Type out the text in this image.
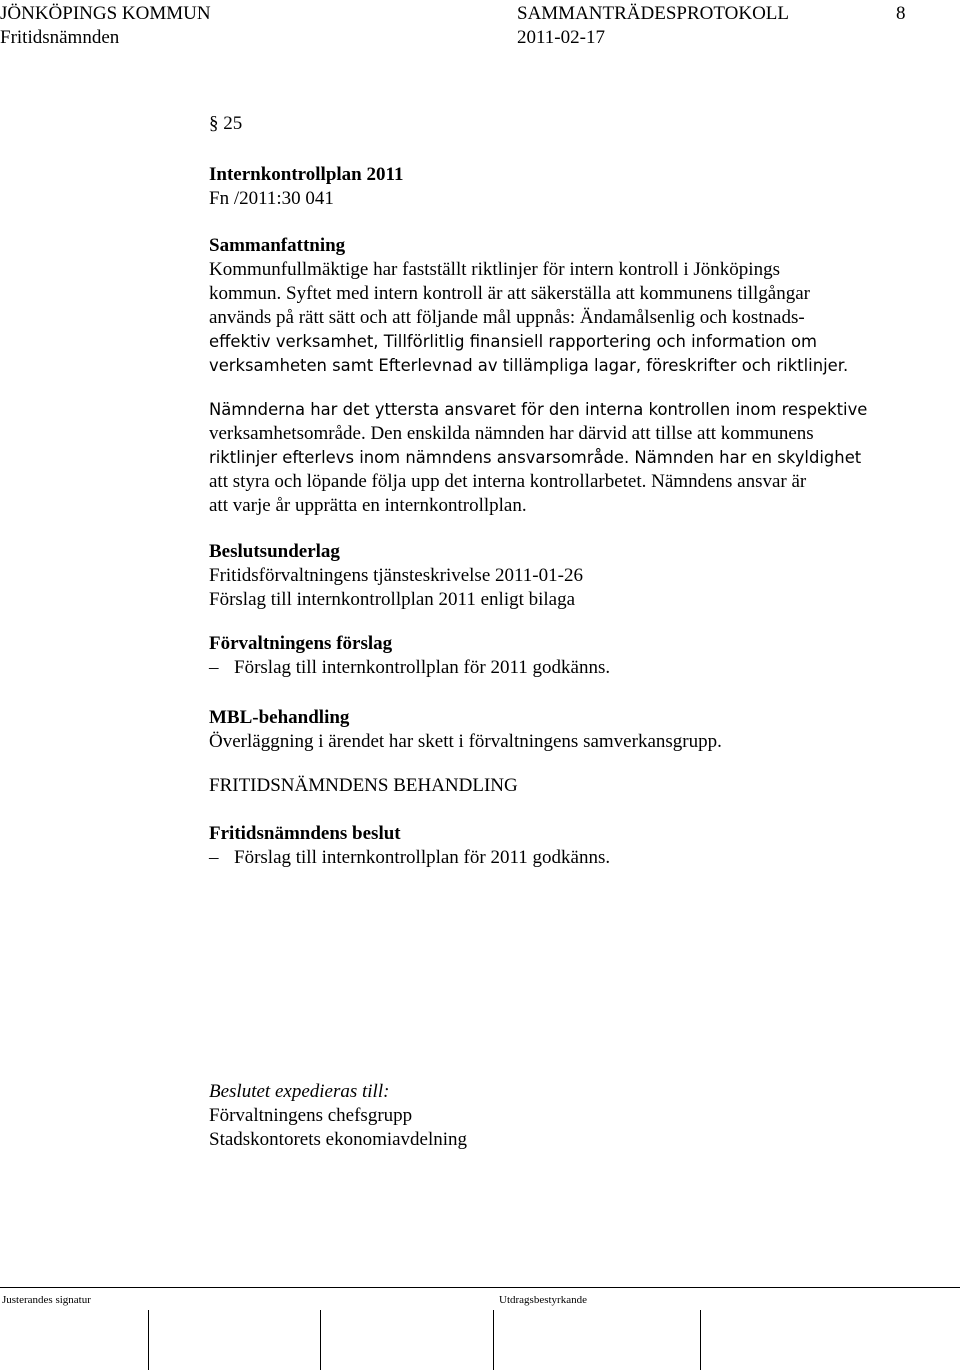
JÖNKÖPINGS KOMMUN	SAMMANTRÄDESPROTOKOLL	8
Fritidsnämnden	2011-02-17
§ 25
Internkontrollplan 2011
Fn /2011:30 041
Sammanfattning
Kommunfullmäktige har fastställt riktlinjer för intern kontroll i Jönköpings
kommun. Syftet med intern kontroll är att säkerställa att kommunens tillgångar
används på rätt sätt och att följande mål uppnås: Ändamålsenlig och kostnads-
effektiv verksamhet, Tillförlitlig finansiell rapportering och information om
verksamheten samt Efterlevnad av tillämpliga lagar, föreskrifter och riktlinjer.
Nämnderna har det yttersta ansvaret för den interna kontrollen inom respektive
verksamhetsområde. Den enskilda nämnden har därvid att tillse att kommunens
riktlinjer efterlevs inom nämndens ansvarsområde. Nämnden har en skyldighet
att styra och löpande följa upp det interna kontrollarbetet. Nämndens ansvar är
att varje år upprätta en internkontrollplan.
Beslutsunderlag
Fritidsförvaltningens tjänsteskrivelse 2011-01-26
Förslag till internkontrollplan 2011 enligt bilaga
Förvaltningens förslag
– Förslag till internkontrollplan för 2011 godkänns.
MBL-behandling
Överläggning i ärendet har skett i förvaltningens samverkansgrupp.
FRITIDSNÄMNDENS BEHANDLING
Fritidsnämndens beslut
– Förslag till internkontrollplan för 2011 godkänns.
Beslutet expedieras till:
Förvaltningens chefsgrupp
Stadskontorets ekonomiavdelning
Justerandes signatur	Utdragsbestyrkande
